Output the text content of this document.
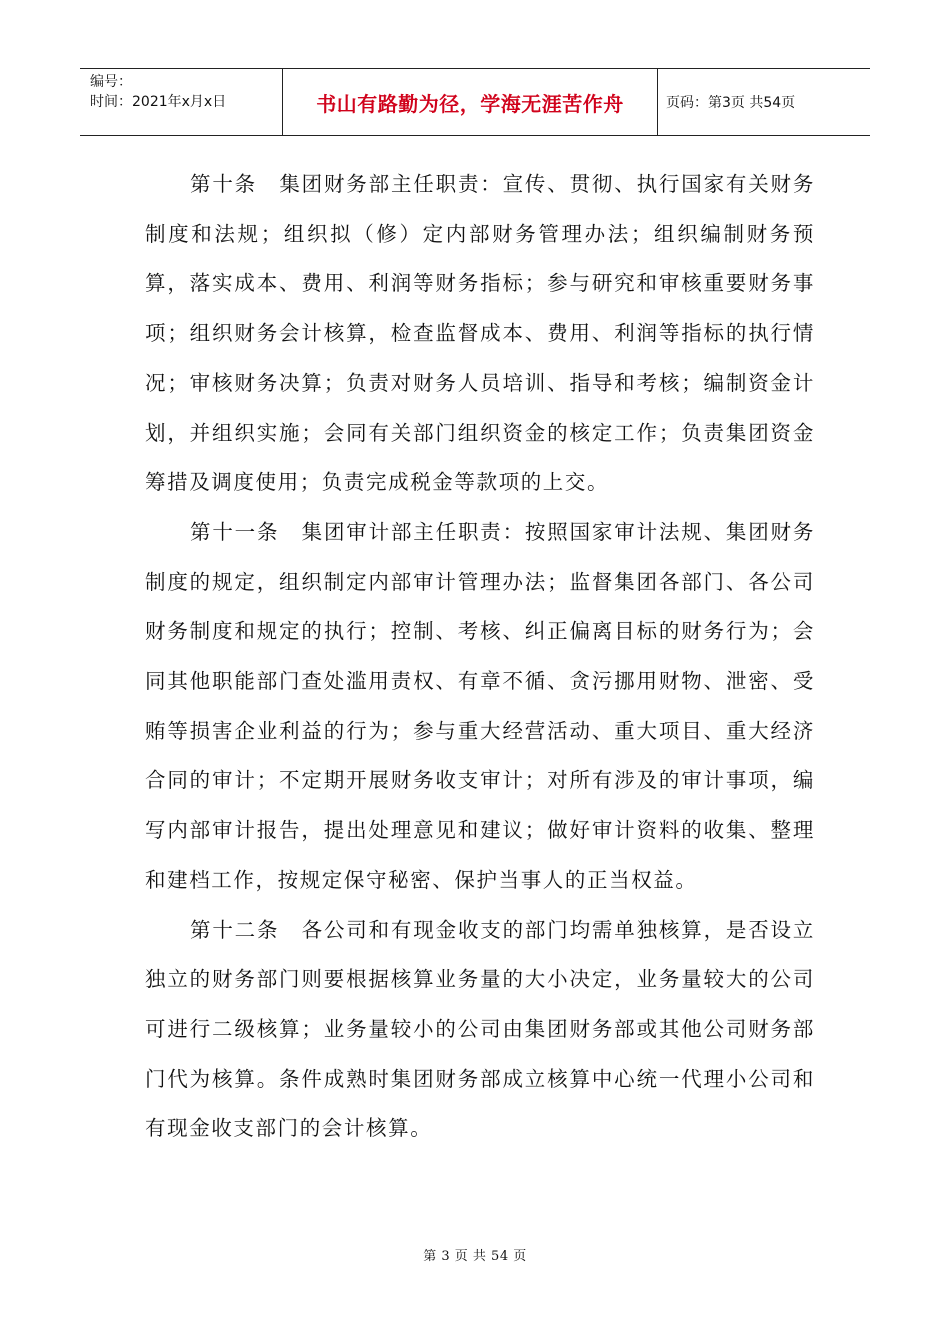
编号：
时间：2021年x月x日	书山有路勤为径，学海无涯苦作舟	页码：第3页 共54页

第十条　集团财务部主任职责：宣传、贯彻、执行国家有关财务制度和法规；组织拟（修）定内部财务管理办法；组织编制财务预算，落实成本、费用、利润等财务指标；参与研究和审核重要财务事项；组织财务会计核算，检查监督成本、费用、利润等指标的执行情况；审核财务决算；负责对财务人员培训、指导和考核；编制资金计划，并组织实施；会同有关部门组织资金的核定工作；负责集团资金筹措及调度使用；负责完成税金等款项的上交。

第十一条　集团审计部主任职责：按照国家审计法规、集团财务制度的规定，组织制定内部审计管理办法；监督集团各部门、各公司财务制度和规定的执行；控制、考核、纠正偏离目标的财务行为；会同其他职能部门查处滥用责权、有章不循、贪污挪用财物、泄密、受贿等损害企业利益的行为；参与重大经营活动、重大项目、重大经济合同的审计；不定期开展财务收支审计；对所有涉及的审计事项，编写内部审计报告，提出处理意见和建议；做好审计资料的收集、整理和建档工作，按规定保守秘密、保护当事人的正当权益。

第十二条　各公司和有现金收支的部门均需单独核算，是否设立独立的财务部门则要根据核算业务量的大小决定，业务量较大的公司可进行二级核算；业务量较小的公司由集团财务部或其他公司财务部门代为核算。条件成熟时集团财务部成立核算中心统一代理小公司和有现金收支部门的会计核算。

第 3 页 共 54 页
